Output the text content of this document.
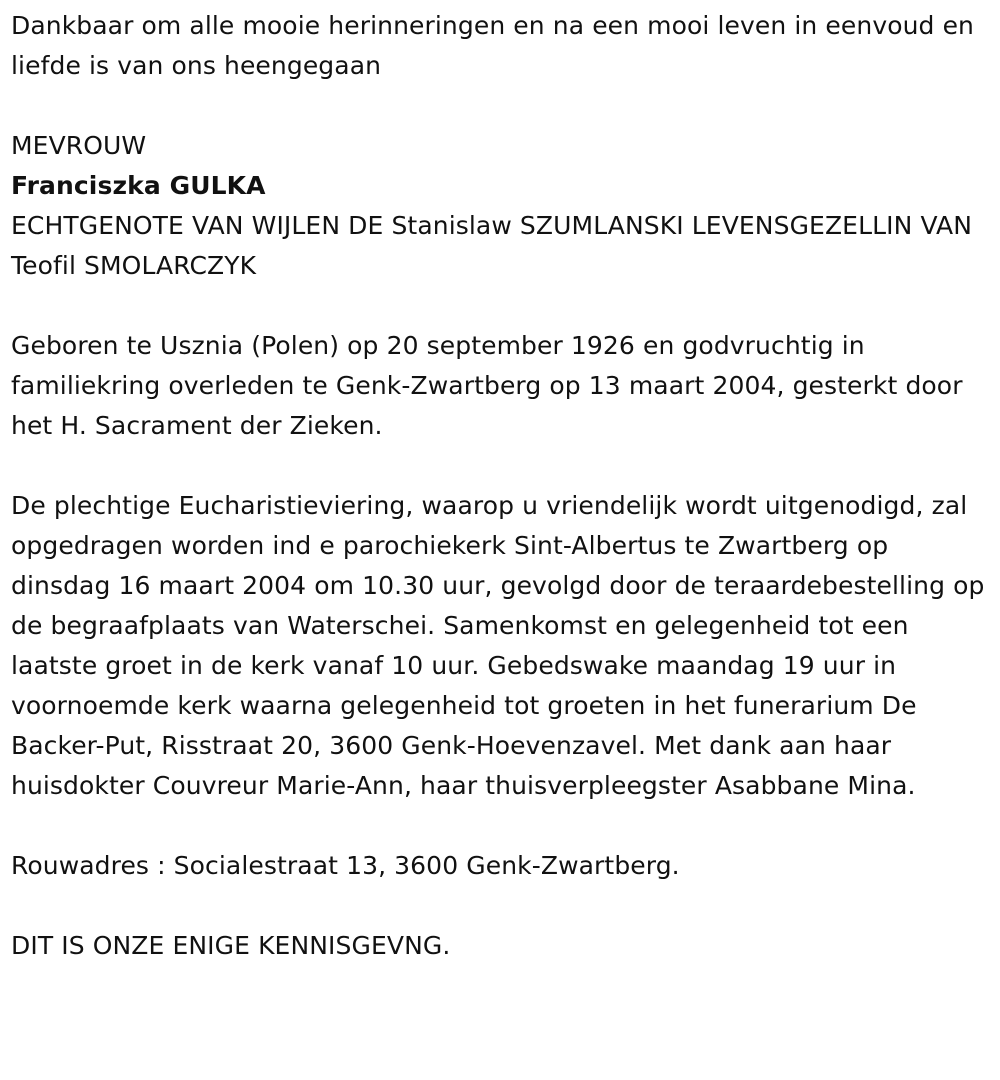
Dankbaar om alle mooie herinneringen en na een mooi leven in eenvoud en liefde is van ons heengegaan

MEVROUW

Franciszka GULKA

ECHTGENOTE VAN WIJLEN DE Stanislaw SZUMLANSKI LEVENSGEZELLIN VAN

Teofil SMOLARCZYK

Geboren te Usznia (Polen) op 20 september 1926 en godvruchtig in familiekring overleden te Genk-Zwartberg op 13 maart 2004, gesterkt door het H. Sacrament der Zieken.

De plechtige Eucharistieviering, waarop u vriendelijk wordt uitgenodigd, zal opgedragen worden ind e parochiekerk Sint-Albertus te Zwartberg op dinsdag 16 maart 2004 om 10.30 uur, gevolgd door de teraardebestelling op de begraafplaats van Waterschei. Samenkomst en gelegenheid tot een laatste groet in de kerk vanaf 10 uur. Gebedswake maandag 19 uur in voornoemde kerk waarna gelegenheid tot groeten in het funerarium De Backer-Put, Risstraat 20, 3600 Genk-Hoevenzavel. Met dank aan haar huisdokter Couvreur Marie-Ann, haar thuisverpleegster Asabbane Mina.

Rouwadres : Socialestraat 13, 3600 Genk-Zwartberg.

DIT IS ONZE ENIGE KENNISGEVNG.
